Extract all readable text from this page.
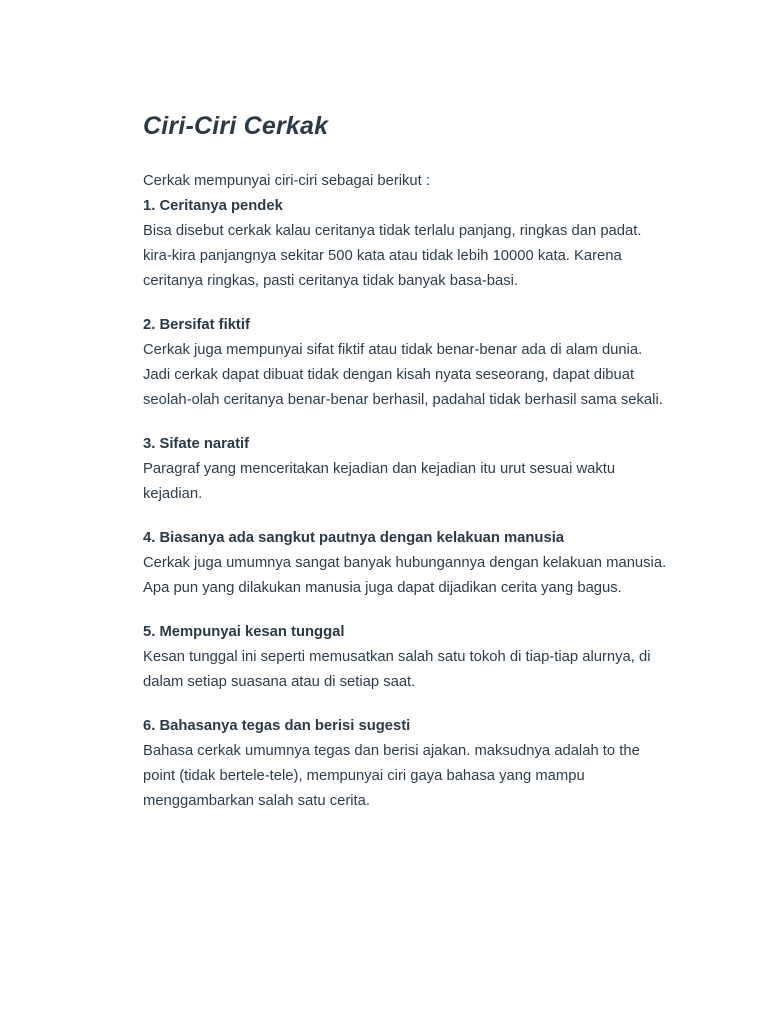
Ciri-Ciri Cerkak

Cerkak mempunyai ciri-ciri sebagai berikut :

1. Ceritanya pendek

Bisa disebut cerkak kalau ceritanya tidak terlalu panjang, ringkas dan padat. kira-kira panjangnya sekitar 500 kata atau tidak lebih 10000 kata. Karena ceritanya ringkas, pasti ceritanya tidak banyak basa-basi.

2. Bersifat fiktif

Cerkak juga mempunyai sifat fiktif atau tidak benar-benar ada di alam dunia. Jadi cerkak dapat dibuat tidak dengan kisah nyata seseorang, dapat dibuat seolah-olah ceritanya benar-benar berhasil, padahal tidak berhasil sama sekali.

3. Sifate naratif

Paragraf yang menceritakan kejadian dan kejadian itu urut sesuai waktu kejadian.

4. Biasanya ada sangkut pautnya dengan kelakuan manusia

Cerkak juga umumnya sangat banyak hubungannya dengan kelakuan manusia. Apa pun yang dilakukan manusia juga dapat dijadikan cerita yang bagus.

5. Mempunyai kesan tunggal

Kesan tunggal ini seperti memusatkan salah satu tokoh di tiap-tiap alurnya, di dalam setiap suasana atau di setiap saat.

6. Bahasanya tegas dan berisi sugesti

Bahasa cerkak umumnya tegas dan berisi ajakan. maksudnya adalah to the point (tidak bertele-tele), mempunyai ciri gaya bahasa yang mampu menggambarkan salah satu cerita.
